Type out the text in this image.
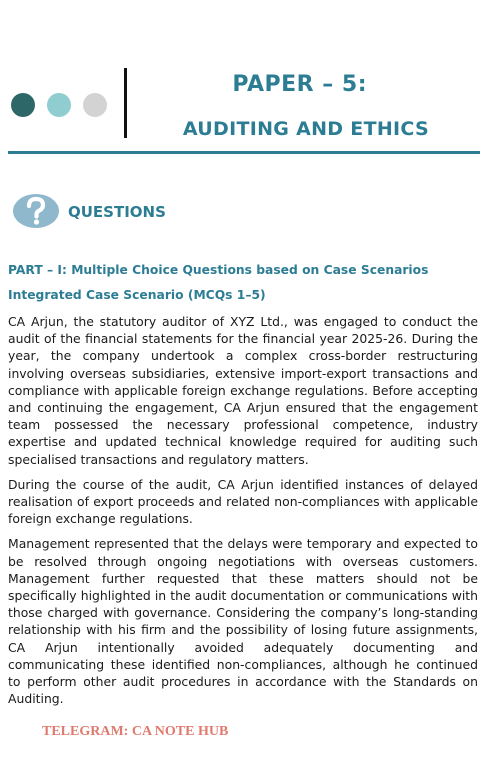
PAPER – 5:
AUDITING AND ETHICS
QUESTIONS
PART – I: Multiple Choice Questions based on Case Scenarios
Integrated Case Scenario (MCQs 1–5)

CA Arjun, the statutory auditor of XYZ Ltd., was engaged to conduct the audit of the financial statements for the financial year 2025-26. During the year, the company undertook a complex cross-border restructuring involving overseas subsidiaries, extensive import-export transactions and compliance with applicable foreign exchange regulations. Before accepting and continuing the engagement, CA Arjun ensured that the engagement team possessed the necessary professional competence, industry expertise and updated technical knowledge required for auditing such specialised transactions and regulatory matters.

During the course of the audit, CA Arjun identified instances of delayed realisation of export proceeds and related non-compliances with applicable foreign exchange regulations.

Management represented that the delays were temporary and expected to be resolved through ongoing negotiations with overseas customers. Management further requested that these matters should not be specifically highlighted in the audit documentation or communications with those charged with governance. Considering the company’s long-standing relationship with his firm and the possibility of losing future assignments, CA Arjun intentionally avoided adequately documenting and communicating these identified non-compliances, although he continued to perform other audit procedures in accordance with the Standards on Auditing.

TELEGRAM: CA NOTE HUB
